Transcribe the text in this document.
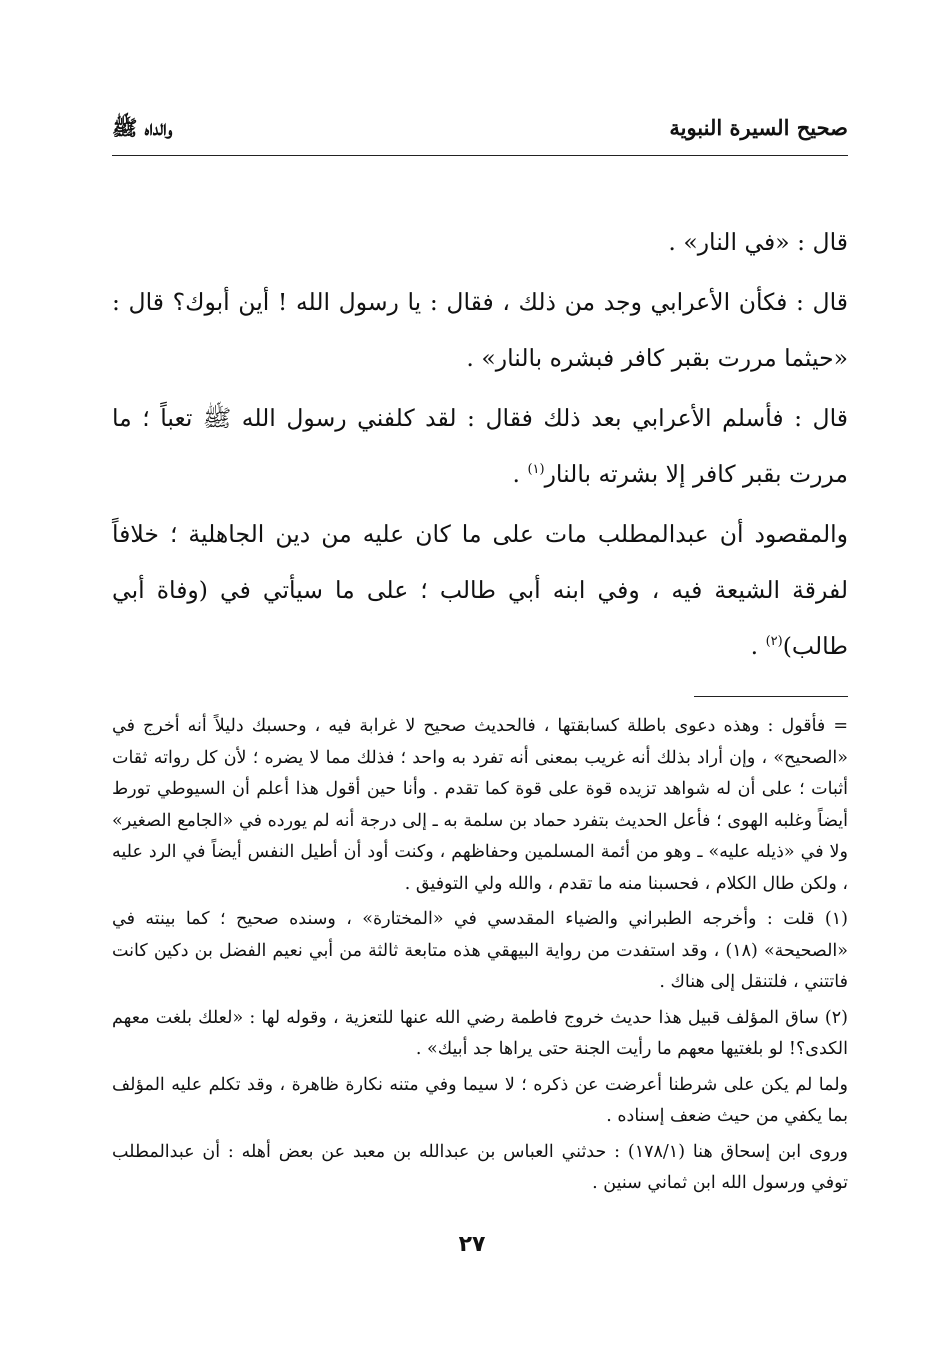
صحيح السيرة النبوية
والداه ﷺ

قال : «في النار» .

قال : فكأن الأعرابي وجد من ذلك ، فقال : يا رسول الله ! أين أبوك؟ قال : «حيثما مررت بقبر كافر فبشره بالنار» .

قال : فأسلم الأعرابي بعد ذلك فقال : لقد كلفني رسول الله ﷺ تعباً ؛ ما مررت بقبر كافر إلا بشرته بالنار$^{(١)}$ .

والمقصود أن عبدالمطلب مات على ما كان عليه من دين الجاهلية ؛ خلافاً لفرقة الشيعة فيه ، وفي ابنه أبي طالب ؛ على ما سيأتي في (وفاة أبي طالب)$^{(٢)}$ .

= فأقول : وهذه دعوى باطلة كسابقتها ، فالحديث صحيح لا غرابة فيه ، وحسبك دليلاً أنه أخرج في «الصحيح» ، وإن أراد بذلك أنه غريب بمعنى أنه تفرد به واحد ؛ فذلك مما لا يضره ؛ لأن كل رواته ثقات أثبات ؛ على أن له شواهد تزيده قوة على قوة كما تقدم . وأنا حين أقول هذا أعلم أن السيوطي تورط أيضاً وغلبه الهوى ؛ فأعل الحديث بتفرد حماد بن سلمة به ـ إلى درجة أنه لم يورده في «الجامع الصغير» ولا في «ذيله عليه» ـ وهو من أئمة المسلمين وحفاظهم ، وكنت أود أن أطيل النفس أيضاً في الرد عليه ، ولكن طال الكلام ، فحسبنا منه ما تقدم ، والله ولي التوفيق .

(١) قلت : وأخرجه الطبراني والضياء المقدسي في «المختارة» ، وسنده صحيح ؛ كما بينته في «الصحيحة» (١٨) ، وقد استفدت من رواية البيهقي هذه متابعة ثالثة من أبي نعيم الفضل بن دكين كانت فاتتني ، فلتنقل إلى هناك .

(٢) ساق المؤلف قبيل هذا حديث خروج فاطمة رضي الله عنها للتعزية ، وقوله لها : «لعلك بلغت معهم الكدى؟! لو بلغتيها معهم ما رأيت الجنة حتى يراها جد أبيك» .

ولما لم يكن على شرطنا أعرضت عن ذكره ؛ لا سيما وفي متنه نكارة ظاهرة ، وقد تكلم عليه المؤلف بما يكفي من حيث ضعف إسناده .

وروى ابن إسحاق هنا (١٧٨/١) : حدثني العباس بن عبدالله بن معبد عن بعض أهله : أن عبدالمطلب توفي ورسول الله ابن ثماني سنين .

٢٧
